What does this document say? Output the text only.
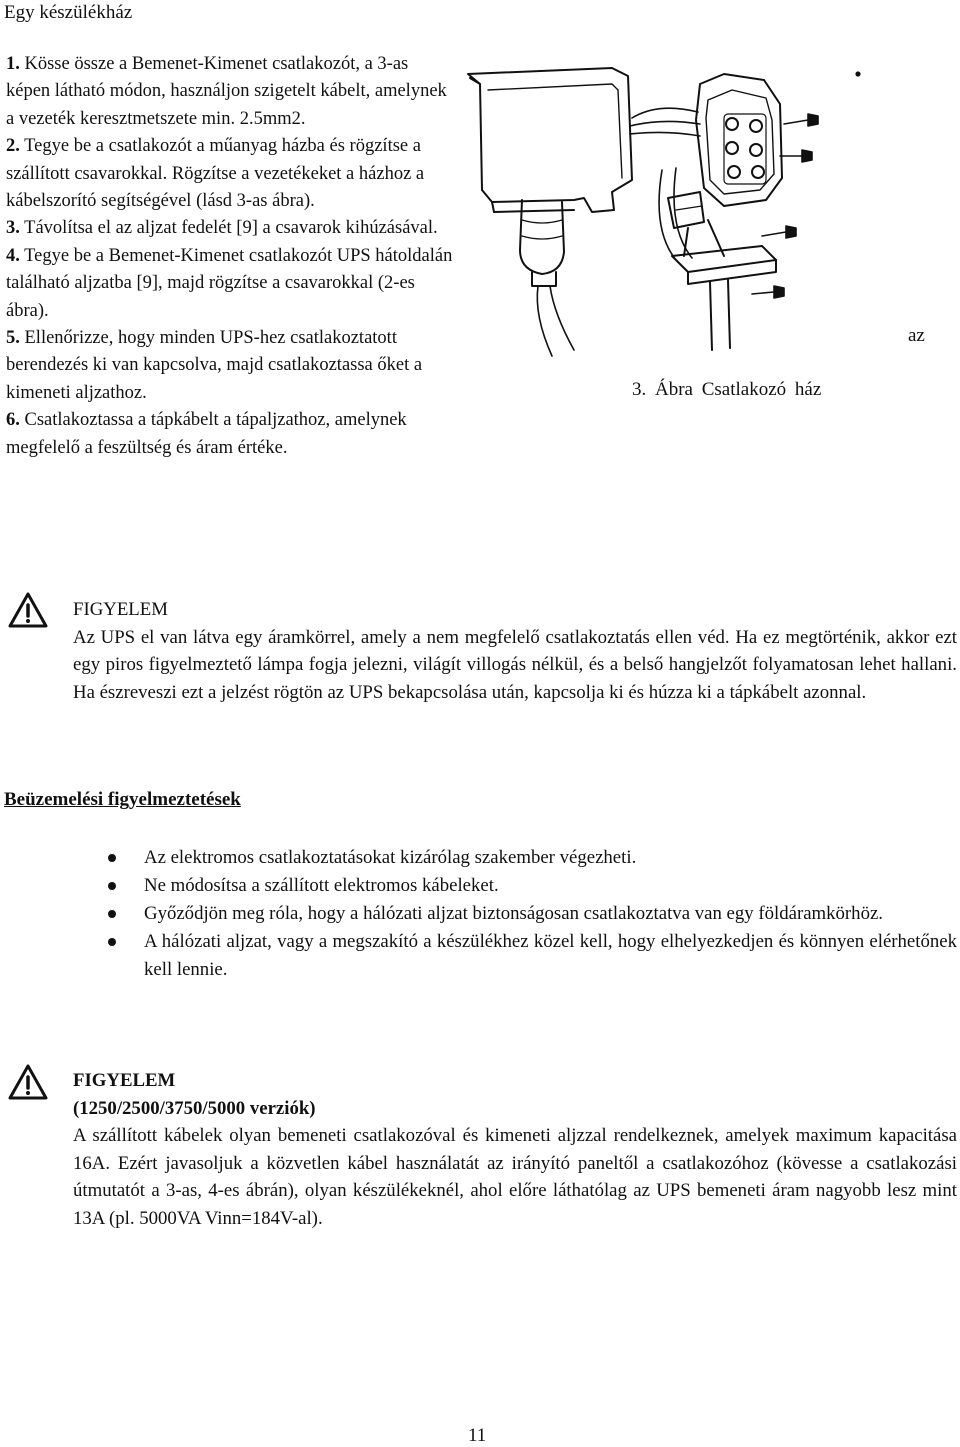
Egy készülékház

1. Kösse össze a Bemenet-Kimenet csatlakozót, a 3-as képen látható módon, használjon szigetelt kábelt, amelynek a vezeték keresztmetszete min. 2.5mm2.

2. Tegye be a csatlakozót a műanyag házba és rögzítse a szállított csavarokkal. Rögzítse a vezetékeket a házhoz a kábelszorító segítségével (lásd 3-as ábra).

3. Távolítsa el az aljzat fedelét [9] a csavarok kihúzásával.

4. Tegye be a Bemenet-Kimenet csatlakozót UPS hátoldalán található aljzatba [9], majd rögzítse a csavarokkal (2-es ábra).

5. Ellenőrizze, hogy minden UPS-hez csatlakoztatott berendezés ki van kapcsolva, majd csatlakoztassa őket a kimeneti aljzathoz.

6. Csatlakoztassa a tápkábelt a tápaljzathoz, amelynek megfelelő a feszültség és áram értéke.

az
3. Ábra Csatlakozó ház

FIGYELEM

Az UPS el van látva egy áramkörrel, amely a nem megfelelő csatlakoztatás ellen véd. Ha ez megtörténik, akkor ezt egy piros figyelmeztető lámpa fogja jelezni, világít villogás nélkül, és a belső hangjelzőt folyamatosan lehet hallani. Ha észreveszi ezt a jelzést rögtön az UPS bekapcsolása után, kapcsolja ki és húzza ki a tápkábelt azonnal.

Beüzemelési figyelmeztetések
Az elektromos csatlakoztatásokat kizárólag szakember végezheti.
Ne módosítsa a szállított elektromos kábeleket.
Győződjön meg róla, hogy a hálózati aljzat biztonságosan csatlakoztatva van egy földáramkörhöz.
A hálózati aljzat, vagy a megszakító a készülékhez közel kell, hogy elhelyezkedjen és könnyen elérhetőnek kell lennie.

FIGYELEM

(1250/2500/3750/5000 verziók)

A szállított kábelek olyan bemeneti csatlakozóval és kimeneti aljzzal rendelkeznek, amelyek maximum kapacitása 16A. Ezért javasoljuk a közvetlen kábel használatát az irányító paneltől a csatlakozóhoz (kövesse a csatlakozási útmutatót a 3-as, 4-es ábrán), olyan készülékeknél, ahol előre láthatólag az UPS bemeneti áram nagyobb lesz mint 13A (pl. 5000VA Vinn=184V-al).

11
